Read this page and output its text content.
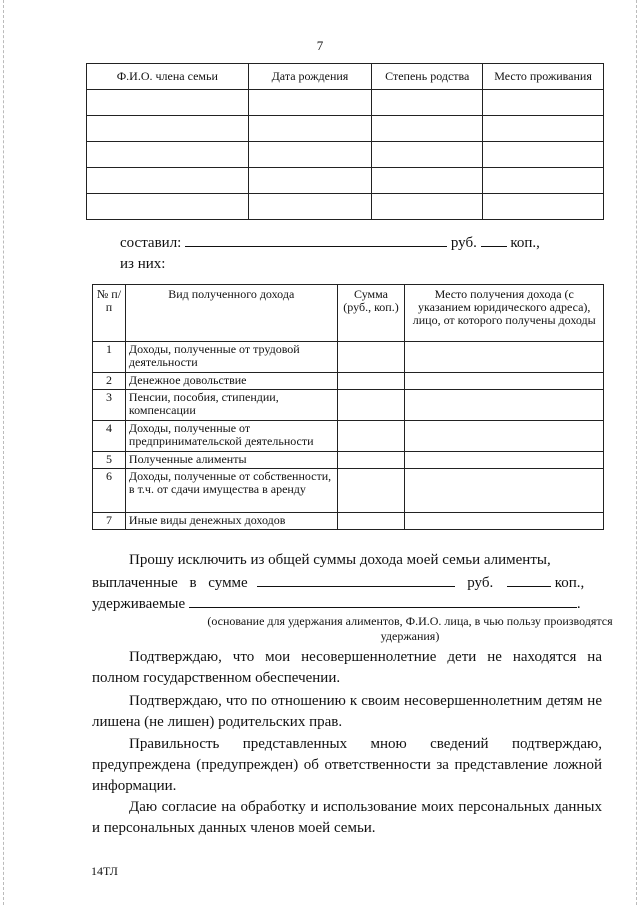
7
Ф.И.О. члена семьи	Дата рождения	Степень родства	Место проживания

составил:	руб. коп.,
из них:
№ п/п	Вид полученного дохода	Сумма (руб., коп.)	Место получения дохода (с указанием юридического адреса), лицо, от которого получены доходы
1	Доходы, полученные от трудовой деятельности		
2	Денежное довольствие		
3	Пенсии, пособия, стипендии, компенсации		
4	Доходы, полученные от предпринимательской деятельности		
5	Полученные алименты		
6	Доходы, полученные от собственности, в т.ч. от сдачи имущества в аренду		
7	Иные виды денежных доходов		
Прошу исключить из общей суммы дохода моей семьи алименты,
выплаченные в сумме	руб.	коп.,
удерживаемые	.
(основание для удержания алиментов, Ф.И.О. лица, в чью пользу производятся удержания)
Подтверждаю, что мои несовершеннолетние дети не находятся на полном государственном обеспечении.
Подтверждаю, что по отношению к своим несовершеннолетним детям не лишена (не лишен) родительских прав.
Правильность представленных мною сведений подтверждаю, предупреждена (предупрежден) об ответственности за представление ложной информации.
Даю согласие на обработку и использование моих персональных данных и персональных данных членов моей семьи.
14ТЛ
